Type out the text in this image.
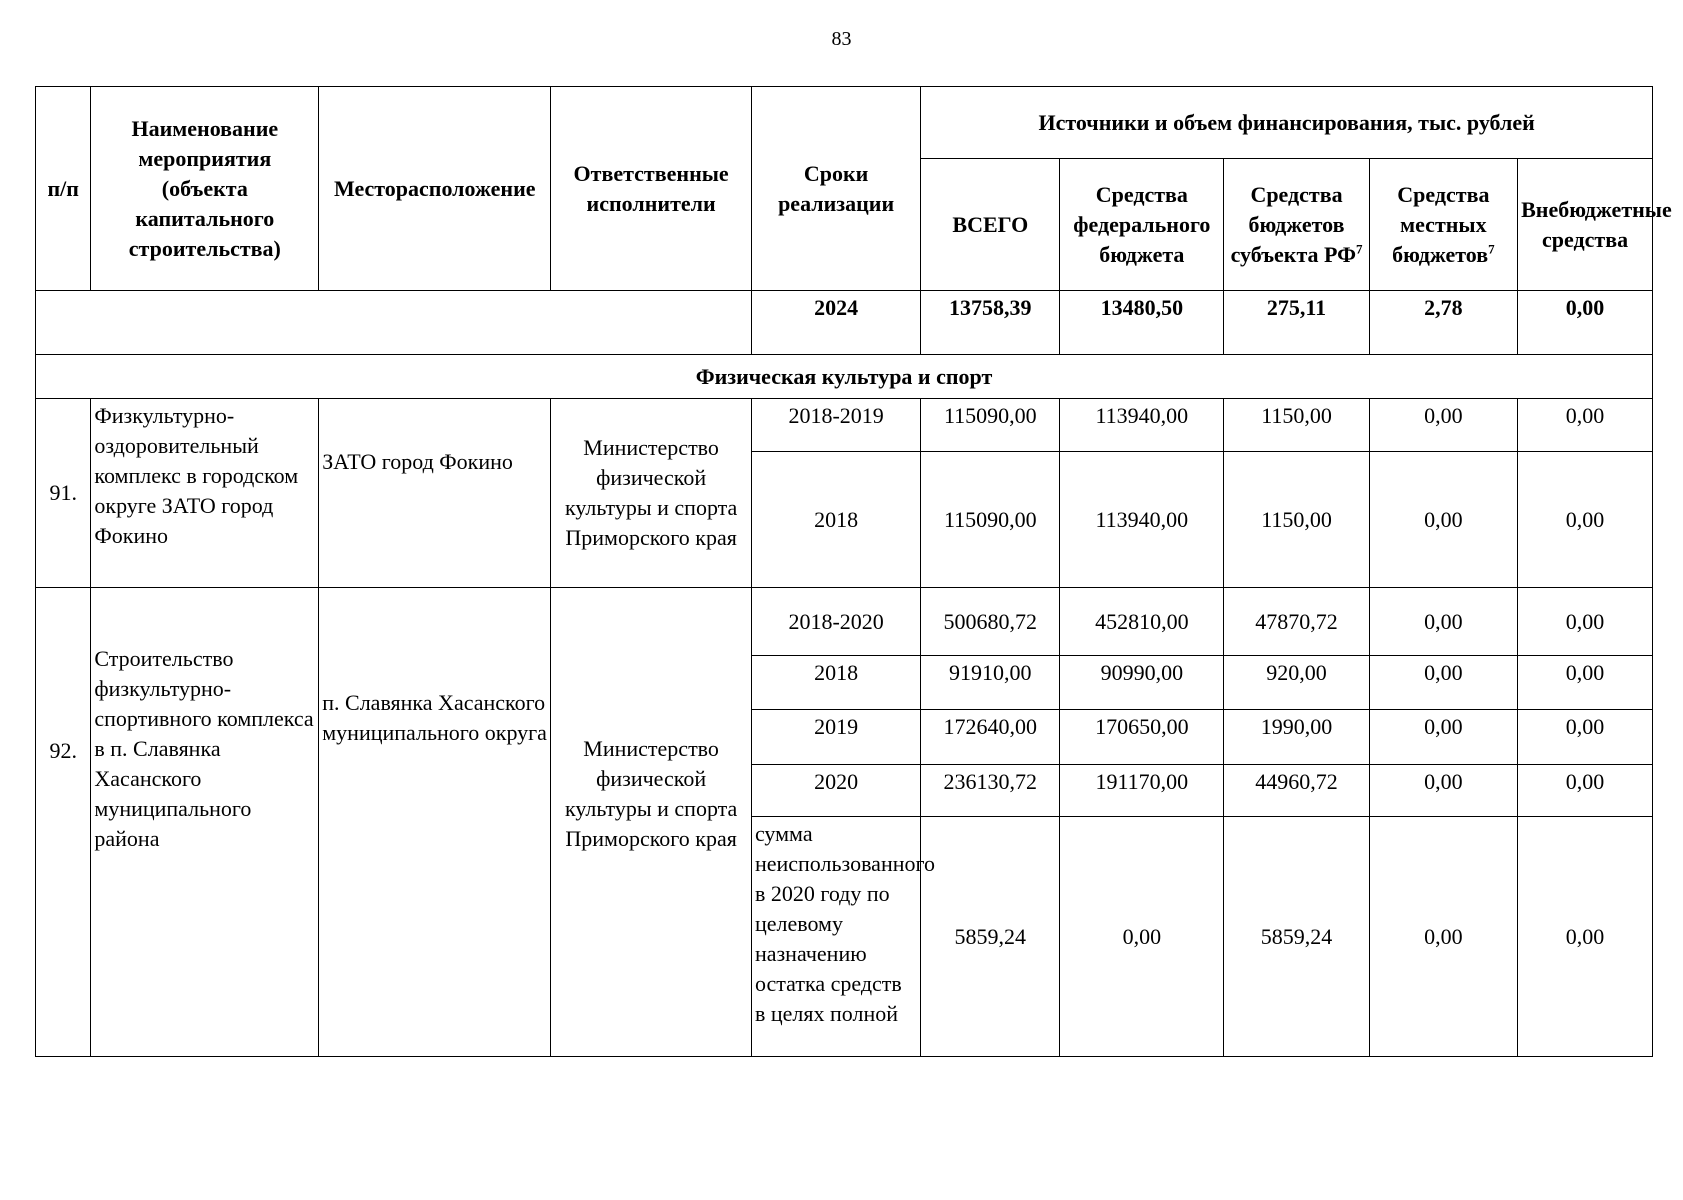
83
п/п	Наименование мероприятия (объекта капитального строительства)	Месторасположение	Ответственные исполнители	Сроки реализации	Источники и объем финансирования, тыс. рублей				
					ВСЕГО	Средства федерального бюджета	Средства бюджетов субъекта $РФ^7$	Средства местных бюджетов$^7$	Внебюджетные средства
				2024	13758,39	13480,50	275,11	2,78	0,00
Физическая культура и спорт									
91.	Физкультурно-оздоровительный комплекс в городском округе ЗАТО город Фокино	ЗАТО город Фокино	Министерство физической культуры и спорта Приморского края	2018-2019	115090,00	113940,00	1150,00	0,00	0,00
				2018	115090,00	113940,00	1150,00	0,00	0,00
92.	Строительство физкультурно-спортивного комплекса в п. Славянка Хасанского муниципального района	п. Славянка Хасанского муниципального округа	Министерство физической культуры и спорта Приморского края	2018-2020	500680,72	452810,00	47870,72	0,00	0,00
				2018	91910,00	90990,00	920,00	0,00	0,00
				2019	172640,00	170650,00	1990,00	0,00	0,00
				2020	236130,72	191170,00	44960,72	0,00	0,00
				сумма неиспользованного в 2020 году по целевому назначению остатка средств в целях полной	5859,24	0,00	5859,24	0,00	0,00
